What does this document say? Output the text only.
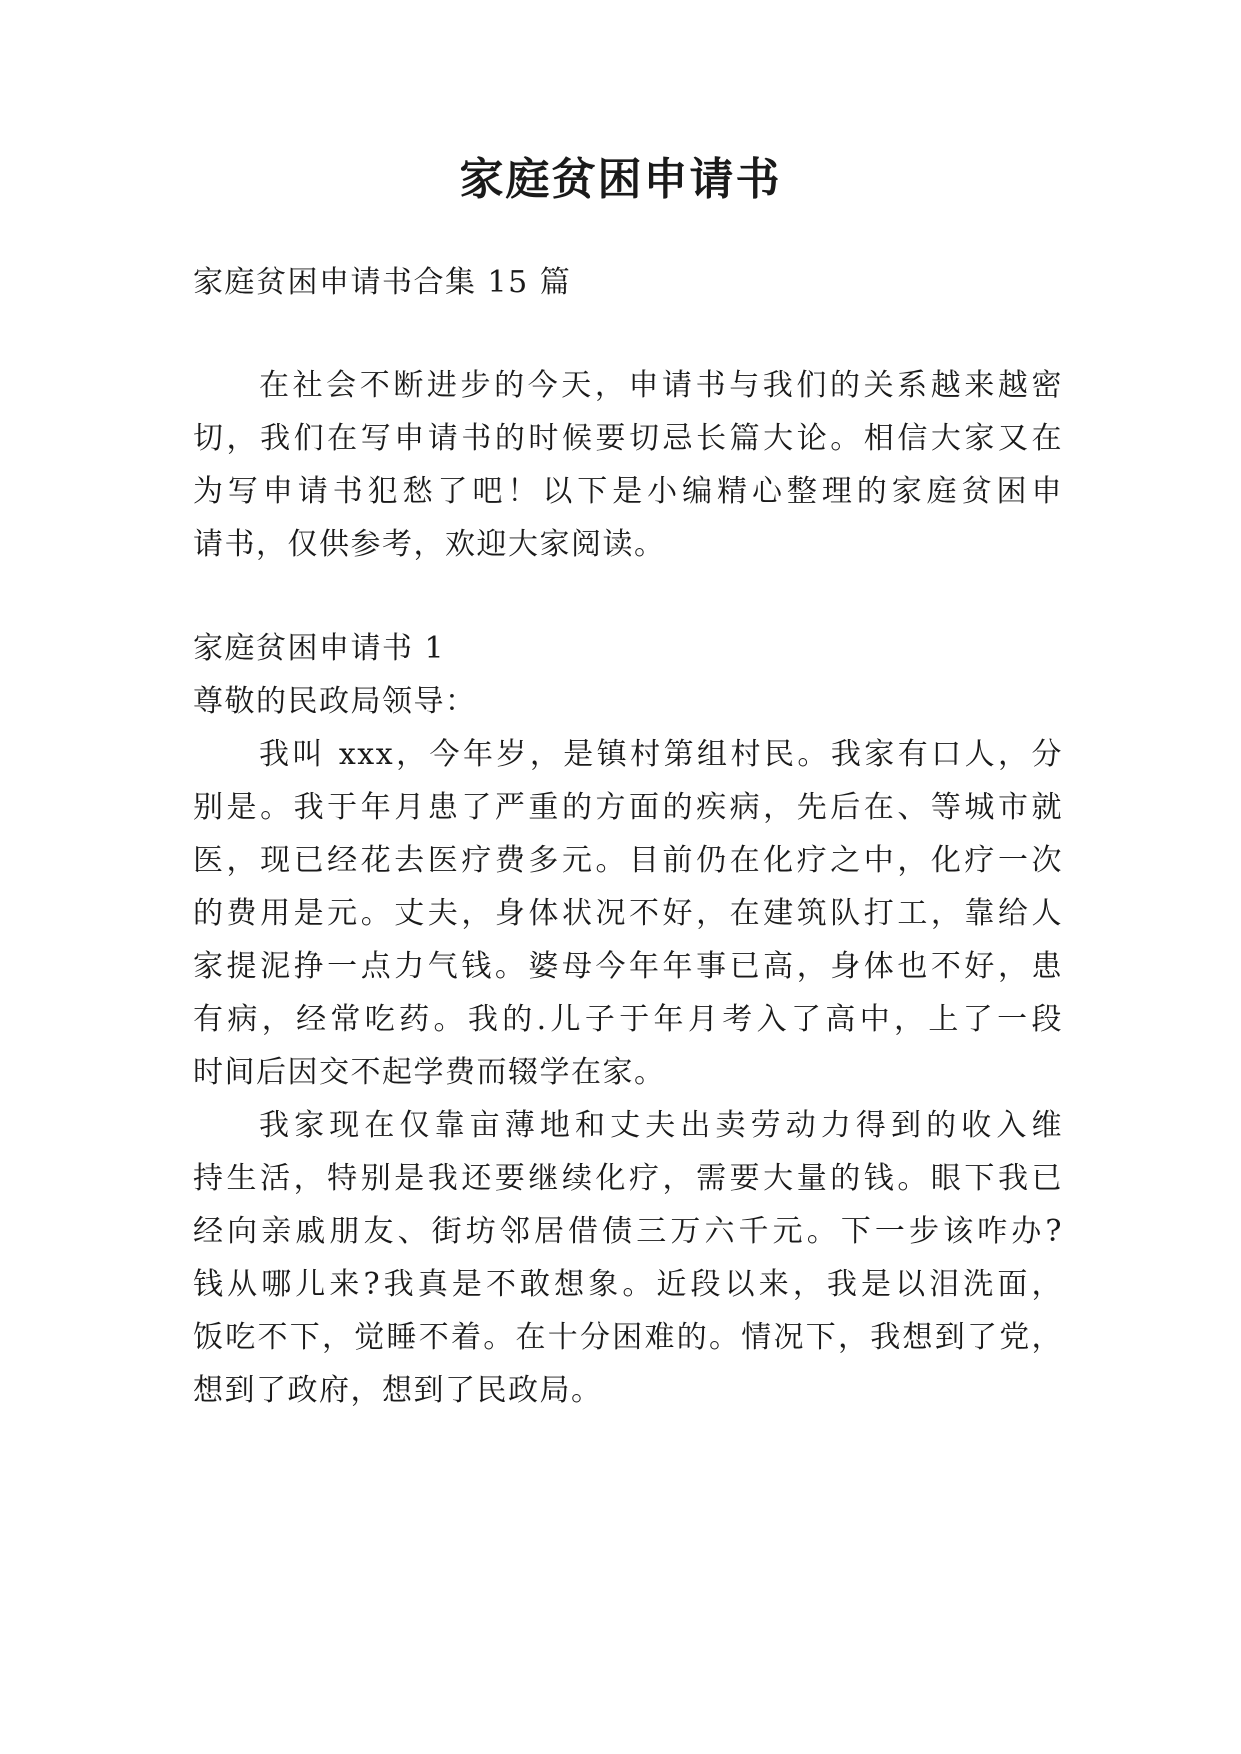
家庭贫困申请书

家庭贫困申请书合集 15 篇

在社会不断进步的今天，申请书与我们的关系越来越密

切，我们在写申请书的时候要切忌长篇大论。相信大家又在

为写申请书犯愁了吧！以下是小编精心整理的家庭贫困申

请书，仅供参考，欢迎大家阅读。

家庭贫困申请书 1

尊敬的民政局领导：

我叫 xxx，今年岁，是镇村第组村民。我家有口人，分

别是。我于年月患了严重的方面的疾病，先后在、等城市就

医，现已经花去医疗费多元。目前仍在化疗之中，化疗一次

的费用是元。丈夫，身体状况不好，在建筑队打工，靠给人

家提泥挣一点力气钱。婆母今年年事已高，身体也不好，患

有病，经常吃药。我的.儿子于年月考入了高中，上了一段

时间后因交不起学费而辍学在家。

我家现在仅靠亩薄地和丈夫出卖劳动力得到的收入维

持生活，特别是我还要继续化疗，需要大量的钱。眼下我已

经向亲戚朋友、街坊邻居借债三万六千元。下一步该咋办?

钱从哪儿来?我真是不敢想象。近段以来，我是以泪洗面，

饭吃不下，觉睡不着。在十分困难的。情况下，我想到了党，

想到了政府，想到了民政局。
